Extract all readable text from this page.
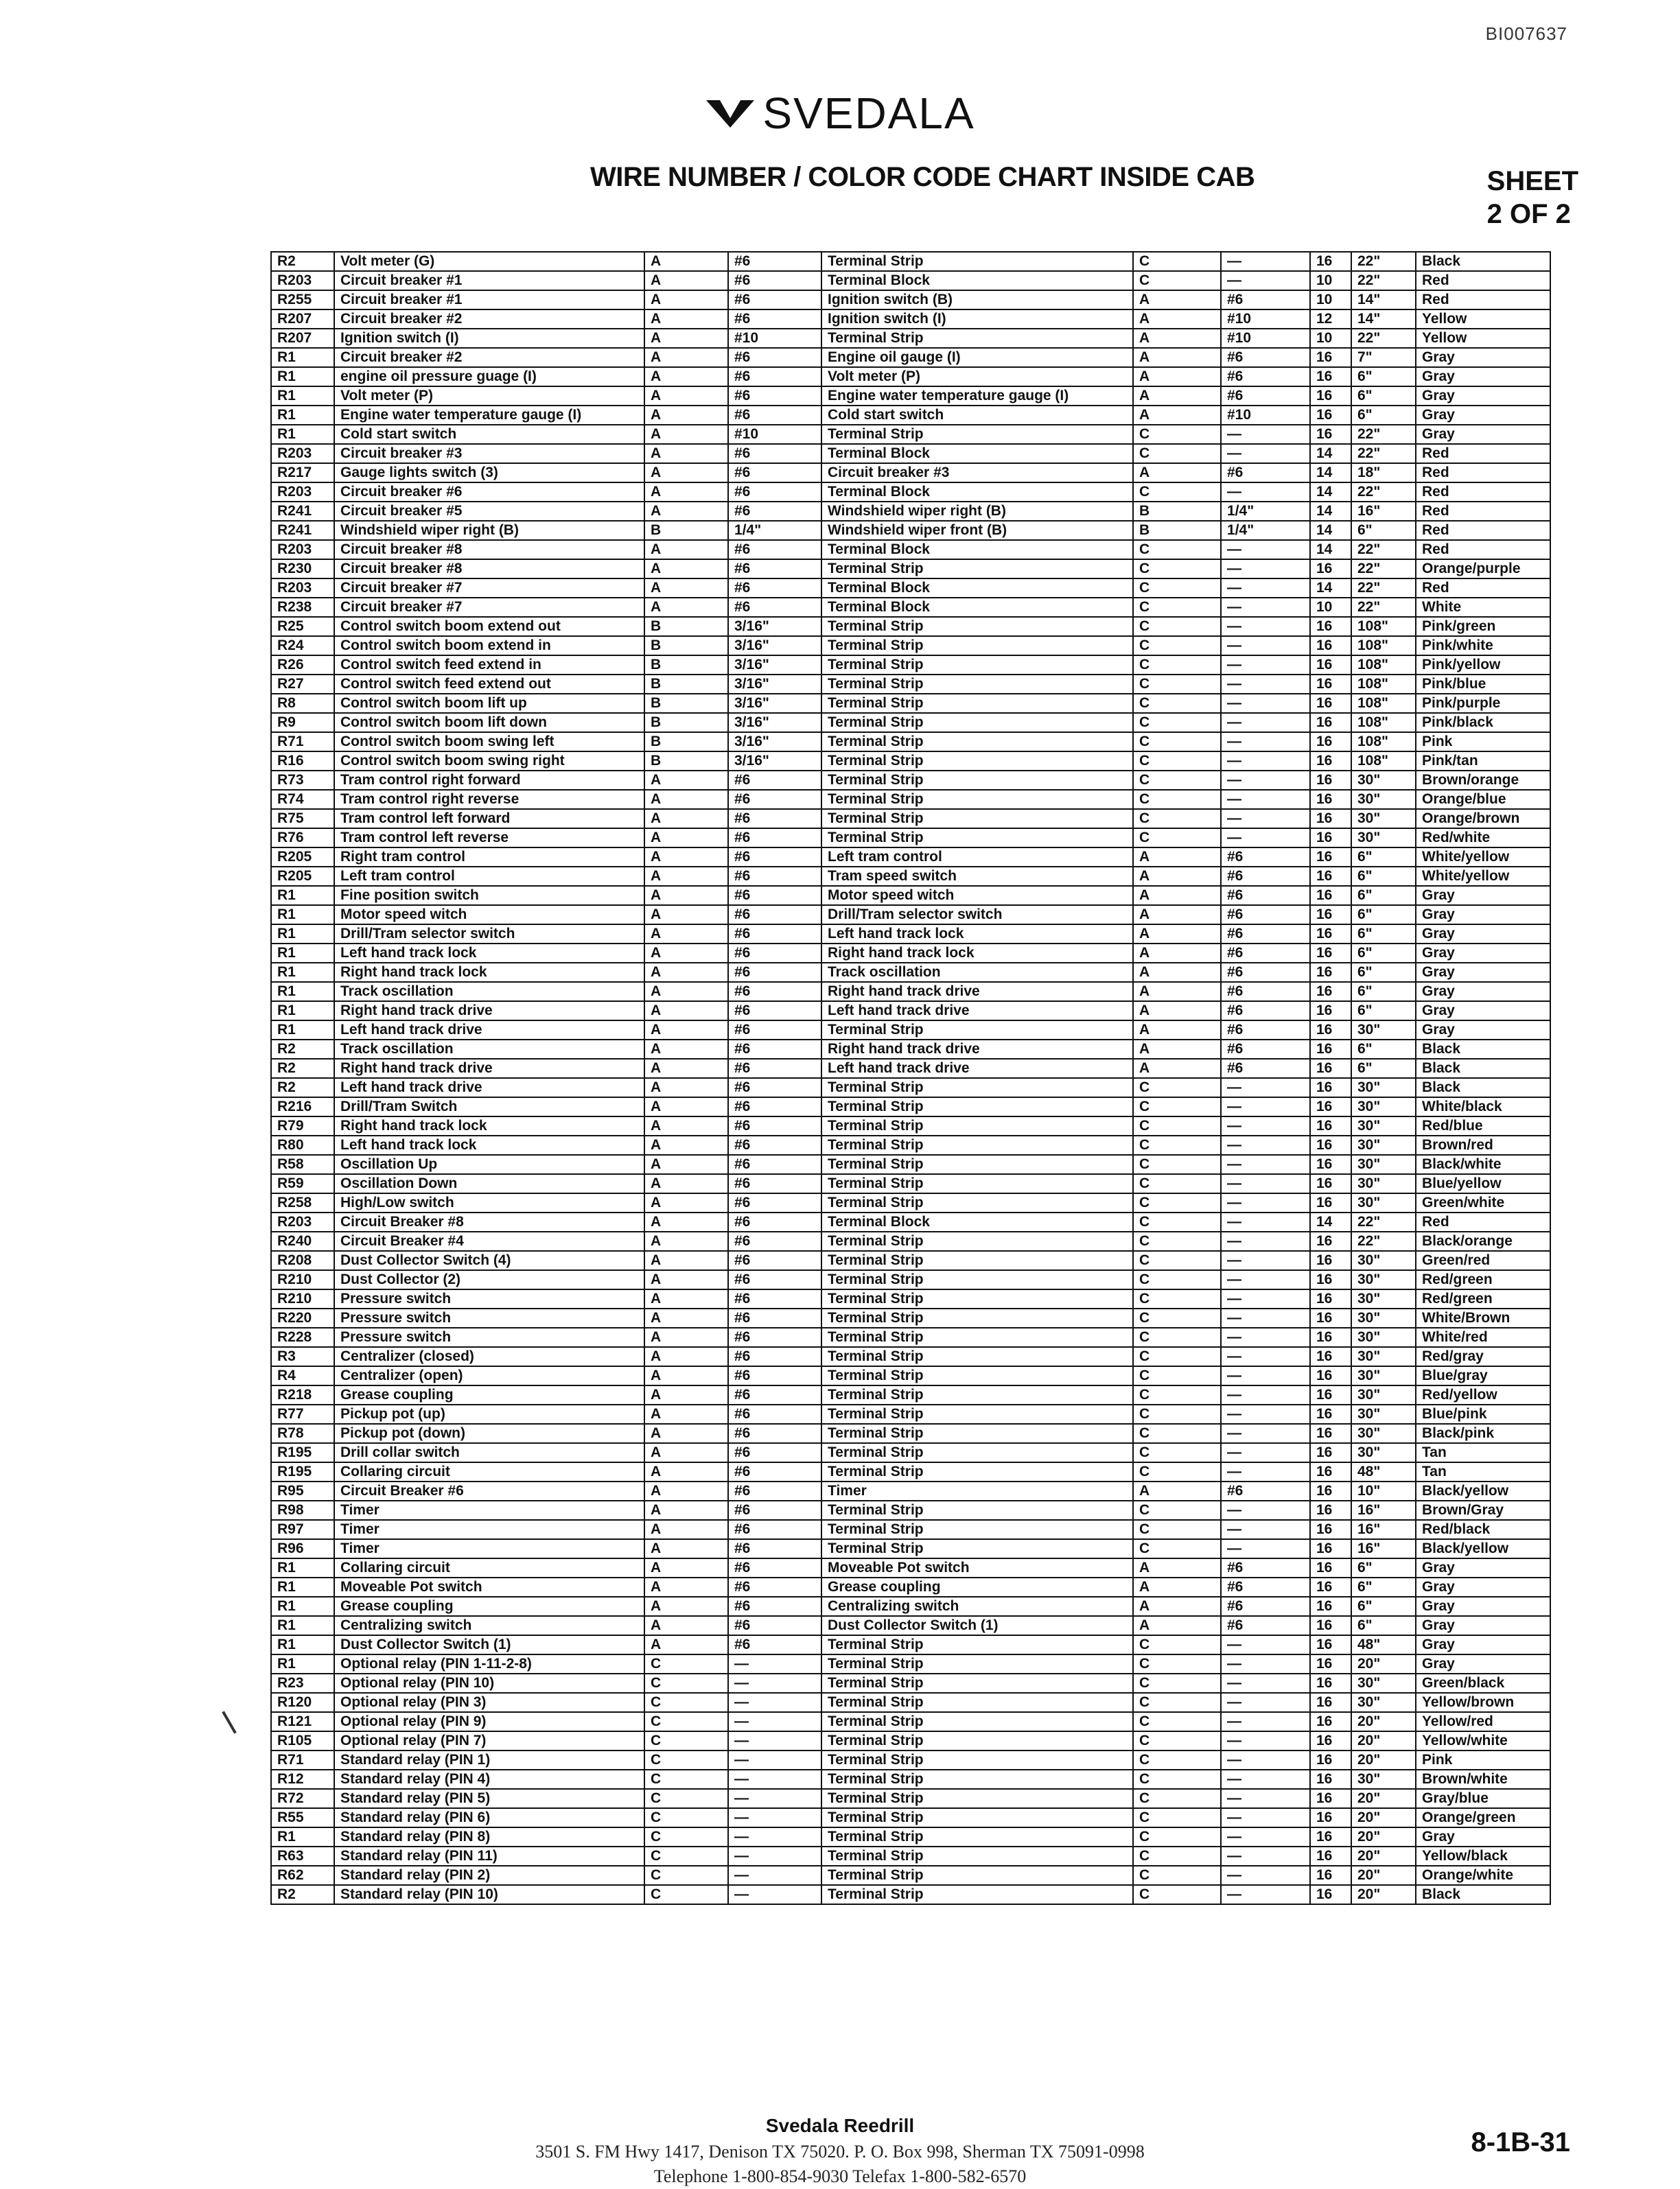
BI007637
SVEDALA
WIRE NUMBER / COLOR CODE CHART INSIDE CAB	SHEET
2 OF 2
R2	Volt meter (G)	A	#6	Terminal Strip	C	—	16	22"	Black
R203	Circuit breaker #1	A	#6	Terminal Block	C	—	10	22"	Red
R255	Circuit breaker #1	A	#6	Ignition switch (B)	A	#6	10	14"	Red
R207	Circuit breaker #2	A	#6	Ignition switch (I)	A	#10	12	14"	Yellow
R207	Ignition switch (I)	A	#10	Terminal Strip	A	#10	10	22"	Yellow
R1	Circuit breaker #2	A	#6	Engine oil gauge (I)	A	#6	16	7"	Gray
R1	engine oil pressure guage (I)	A	#6	Volt meter (P)	A	#6	16	6"	Gray
R1	Volt meter (P)	A	#6	Engine water temperature gauge (I)	A	#6	16	6"	Gray
R1	Engine water temperature gauge (I)	A	#6	Cold start switch	A	#10	16	6"	Gray
R1	Cold start switch	A	#10	Terminal Strip	C	—	16	22"	Gray
R203	Circuit breaker #3	A	#6	Terminal Block	C	—	14	22"	Red
R217	Gauge lights switch (3)	A	#6	Circuit breaker #3	A	#6	14	18"	Red
R203	Circuit breaker #6	A	#6	Terminal Block	C	—	14	22"	Red
R241	Circuit breaker #5	A	#6	Windshield wiper right (B)	B	1/4"	14	16"	Red
R241	Windshield wiper right (B)	B	1/4"	Windshield wiper front (B)	B	1/4"	14	6"	Red
R203	Circuit breaker #8	A	#6	Terminal Block	C	—	14	22"	Red
R230	Circuit breaker #8	A	#6	Terminal Strip	C	—	16	22"	Orange/purple
R203	Circuit breaker #7	A	#6	Terminal Block	C	—	14	22"	Red
R238	Circuit breaker #7	A	#6	Terminal Block	C	—	10	22"	White
R25	Control switch boom extend out	B	3/16"	Terminal Strip	C	—	16	108"	Pink/green
R24	Control switch boom extend in	B	3/16"	Terminal Strip	C	—	16	108"	Pink/white
R26	Control switch feed extend in	B	3/16"	Terminal Strip	C	—	16	108"	Pink/yellow
R27	Control switch feed extend out	B	3/16"	Terminal Strip	C	—	16	108"	Pink/blue
R8	Control switch boom lift up	B	3/16"	Terminal Strip	C	—	16	108"	Pink/purple
R9	Control switch boom lift down	B	3/16"	Terminal Strip	C	—	16	108"	Pink/black
R71	Control switch boom swing left	B	3/16"	Terminal Strip	C	—	16	108"	Pink
R16	Control switch boom swing right	B	3/16"	Terminal Strip	C	—	16	108"	Pink/tan
R73	Tram control right forward	A	#6	Terminal Strip	C	—	16	30"	Brown/orange
R74	Tram control right reverse	A	#6	Terminal Strip	C	—	16	30"	Orange/blue
R75	Tram control left forward	A	#6	Terminal Strip	C	—	16	30"	Orange/brown
R76	Tram control left reverse	A	#6	Terminal Strip	C	—	16	30"	Red/white
R205	Right tram control	A	#6	Left tram control	A	#6	16	6"	White/yellow
R205	Left tram control	A	#6	Tram speed switch	A	#6	16	6"	White/yellow
R1	Fine position switch	A	#6	Motor speed witch	A	#6	16	6"	Gray
R1	Motor speed witch	A	#6	Drill/Tram selector switch	A	#6	16	6"	Gray
R1	Drill/Tram selector switch	A	#6	Left hand track lock	A	#6	16	6"	Gray
R1	Left hand track lock	A	#6	Right hand track lock	A	#6	16	6"	Gray
R1	Right hand track lock	A	#6	Track oscillation	A	#6	16	6"	Gray
R1	Track oscillation	A	#6	Right hand track drive	A	#6	16	6"	Gray
R1	Right hand track drive	A	#6	Left hand track drive	A	#6	16	6"	Gray
R1	Left hand track drive	A	#6	Terminal Strip	A	#6	16	30"	Gray
R2	Track oscillation	A	#6	Right hand track drive	A	#6	16	6"	Black
R2	Right hand track drive	A	#6	Left hand track drive	A	#6	16	6"	Black
R2	Left hand track drive	A	#6	Terminal Strip	C	—	16	30"	Black
R216	Drill/Tram Switch	A	#6	Terminal Strip	C	—	16	30"	White/black
R79	Right hand track lock	A	#6	Terminal Strip	C	—	16	30"	Red/blue
R80	Left hand track lock	A	#6	Terminal Strip	C	—	16	30"	Brown/red
R58	Oscillation Up	A	#6	Terminal Strip	C	—	16	30"	Black/white
R59	Oscillation Down	A	#6	Terminal Strip	C	—	16	30"	Blue/yellow
R258	High/Low switch	A	#6	Terminal Strip	C	—	16	30"	Green/white
R203	Circuit Breaker #8	A	#6	Terminal Block	C	—	14	22"	Red
R240	Circuit Breaker #4	A	#6	Terminal Strip	C	—	16	22"	Black/orange
R208	Dust Collector Switch (4)	A	#6	Terminal Strip	C	—	16	30"	Green/red
R210	Dust Collector (2)	A	#6	Terminal Strip	C	—	16	30"	Red/green
R210	Pressure switch	A	#6	Terminal Strip	C	—	16	30"	Red/green
R220	Pressure switch	A	#6	Terminal Strip	C	—	16	30"	White/Brown
R228	Pressure switch	A	#6	Terminal Strip	C	—	16	30"	White/red
R3	Centralizer (closed)	A	#6	Terminal Strip	C	—	16	30"	Red/gray
R4	Centralizer (open)	A	#6	Terminal Strip	C	—	16	30"	Blue/gray
R218	Grease coupling	A	#6	Terminal Strip	C	—	16	30"	Red/yellow
R77	Pickup pot (up)	A	#6	Terminal Strip	C	—	16	30"	Blue/pink
R78	Pickup pot (down)	A	#6	Terminal Strip	C	—	16	30"	Black/pink
R195	Drill collar switch	A	#6	Terminal Strip	C	—	16	30"	Tan
R195	Collaring circuit	A	#6	Terminal Strip	C	—	16	48"	Tan
R95	Circuit Breaker #6	A	#6	Timer	A	#6	16	10"	Black/yellow
R98	Timer	A	#6	Terminal Strip	C	—	16	16"	Brown/Gray
R97	Timer	A	#6	Terminal Strip	C	—	16	16"	Red/black
R96	Timer	A	#6	Terminal Strip	C	—	16	16"	Black/yellow
R1	Collaring circuit	A	#6	Moveable Pot switch	A	#6	16	6"	Gray
R1	Moveable Pot switch	A	#6	Grease coupling	A	#6	16	6"	Gray
R1	Grease coupling	A	#6	Centralizing switch	A	#6	16	6"	Gray
R1	Centralizing switch	A	#6	Dust Collector Switch (1)	A	#6	16	6"	Gray
R1	Dust Collector Switch (1)	A	#6	Terminal Strip	C	—	16	48"	Gray
R1	Optional relay (PIN 1-11-2-8)	C	—	Terminal Strip	C	—	16	20"	Gray
R23	Optional relay (PIN 10)	C	—	Terminal Strip	C	—	16	30"	Green/black
R120	Optional relay (PIN 3)	C	—	Terminal Strip	C	—	16	30"	Yellow/brown
R121	Optional relay (PIN 9)	C	—	Terminal Strip	C	—	16	20"	Yellow/red
R105	Optional relay (PIN 7)	C	—	Terminal Strip	C	—	16	20"	Yellow/white
R71	Standard relay (PIN 1)	C	—	Terminal Strip	C	—	16	20"	Pink
R12	Standard relay (PIN 4)	C	—	Terminal Strip	C	—	16	30"	Brown/white
R72	Standard relay (PIN 5)	C	—	Terminal Strip	C	—	16	20"	Gray/blue
R55	Standard relay (PIN 6)	C	—	Terminal Strip	C	—	16	20"	Orange/green
R1	Standard relay (PIN 8)	C	—	Terminal Strip	C	—	16	20"	Gray
R63	Standard relay (PIN 11)	C	—	Terminal Strip	C	—	16	20"	Yellow/black
R62	Standard relay (PIN 2)	C	—	Terminal Strip	C	—	16	20"	Orange/white
R2	Standard relay (PIN 10)	C	—	Terminal Strip	C	—	16	20"	Black
Svedala Reedrill
3501 S. FM Hwy 1417, Denison TX 75020. P. O. Box 998, Sherman TX 75091-0998
Telephone 1-800-854-9030 Telefax 1-800-582-6570
8-1B-31
